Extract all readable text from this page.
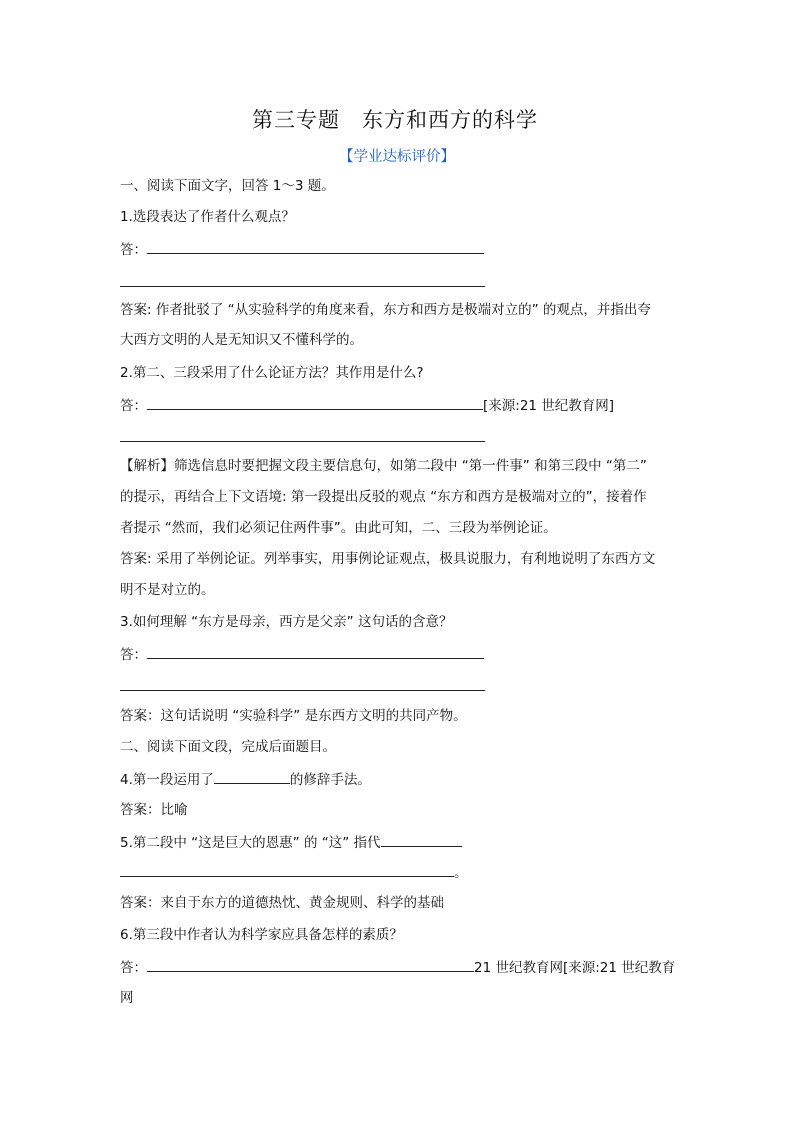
第三专题　东方和西方的科学
【学业达标评价】
一、阅读下面文字，回答 1～3 题。
1.选段表达了作者什么观点？
答：
答案: 作者批驳了 “从实验科学的角度来看，东方和西方是极端对立的” 的观点，并指出夸
大西方文明的人是无知识又不懂科学的。
2.第二、三段采用了什么论证方法？其作用是什么?
答：	[来源:21 世纪教育网]
【解析】筛选信息时要把握文段主要信息句，如第二段中 “第一件事” 和第三段中 “第二”
的提示，再结合上下文语境: 第一段提出反驳的观点 “东方和西方是极端对立的”，接着作
者提示 “然而，我们必须记住两件事”。由此可知，二、三段为举例论证。
答案: 采用了举例论证。列举事实，用事例论证观点，极具说服力，有利地说明了东西方文
明不是对立的。
3.如何理解 “东方是母亲，西方是父亲” 这句话的含意？
答：
答案：这句话说明 “实验科学” 是东西方文明的共同产物。
二、阅读下面文段，完成后面题目。
4.第一段运用了	的修辞手法。
答案：比喻
5.第二段中 “这是巨大的恩惠” 的 “这” 指代
。
答案：来自于东方的道德热忱、黄金规则、科学的基础
6.第三段中作者认为科学家应具备怎样的素质？
答：	21 世纪教育网[来源:21 世纪教育
网
